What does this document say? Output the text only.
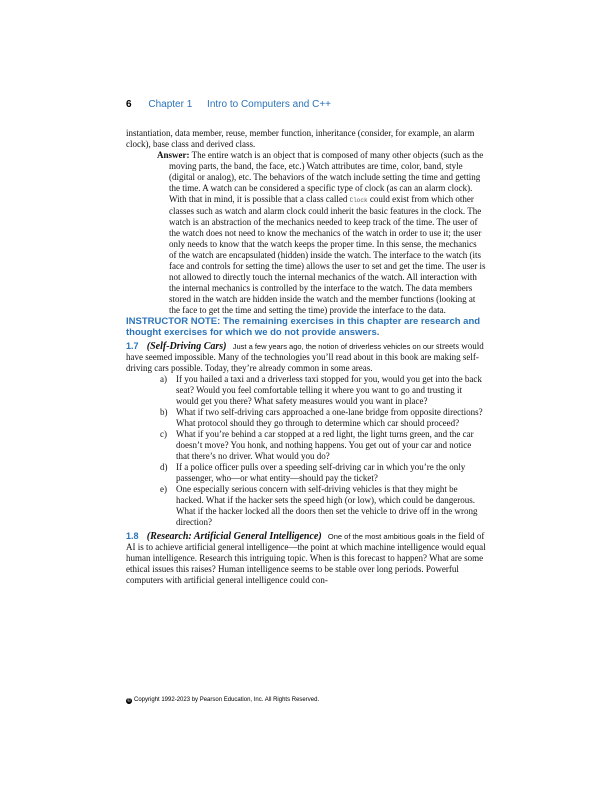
6 Chapter 1 Intro to Computers and C++

instantiation, data member, reuse, member function, inheritance (consider, for example, an alarm clock), base class and derived class.

Answer: The entire watch is an object that is composed of many other objects (such as the moving parts, the band, the face, etc.) Watch attributes are time, color, band, style (digital or analog), etc. The behaviors of the watch include setting the time and getting the time. A watch can be considered a specific type of clock (as can an alarm clock). With that in mind, it is possible that a class called Clock could exist from which other classes such as watch and alarm clock could inherit the basic features in the clock. The watch is an abstraction of the mechanics needed to keep track of the time. The user of the watch does not need to know the mechanics of the watch in order to use it; the user only needs to know that the watch keeps the proper time. In this sense, the mechanics of the watch are encapsulated (hidden) inside the watch. The interface to the watch (its face and controls for setting the time) allows the user to set and get the time. The user is not allowed to directly touch the internal mechanics of the watch. All interaction with the internal mechanics is controlled by the interface to the watch. The data members stored in the watch are hidden inside the watch and the member functions (looking at the face to get the time and setting the time) provide the interface to the data.

INSTRUCTOR NOTE: The remaining exercises in this chapter are research and thought exercises for which we do not provide answers.

1.7 (Self-Driving Cars) Just a few years ago, the notion of driverless vehicles on our streets would have seemed impossible. Many of the technologies you’ll read about in this book are making self-driving cars possible. Today, they’re already common in some areas.

a) If you hailed a taxi and a driverless taxi stopped for you, would you get into the back seat? Would you feel comfortable telling it where you want to go and trusting it would get you there? What safety measures would you want in place?
b) What if two self-driving cars approached a one-lane bridge from opposite directions? What protocol should they go through to determine which car should proceed?
c) What if you’re behind a car stopped at a red light, the light turns green, and the car doesn’t move? You honk, and nothing happens. You get out of your car and notice that there’s no driver. What would you do?
d) If a police officer pulls over a speeding self-driving car in which you’re the only passenger, who—or what entity—should pay the ticket?
e) One especially serious concern with self-driving vehicles is that they might be hacked. What if the hacker sets the speed high (or low), which could be dangerous. What if the hacker locked all the doors then set the vehicle to drive off in the wrong direction?

1.8 (Research: Artificial General Intelligence) One of the most ambitious goals in the field of AI is to achieve artificial general intelligence—the point at which machine intelligence would equal human intelligence. Research this intriguing topic. When is this forecast to happen? What are some ethical issues this raises? Human intelligence seems to be stable over long periods. Powerful computers with artificial general intelligence could con-

© Copyright 1992-2023 by Pearson Education, Inc. All Rights Reserved.
